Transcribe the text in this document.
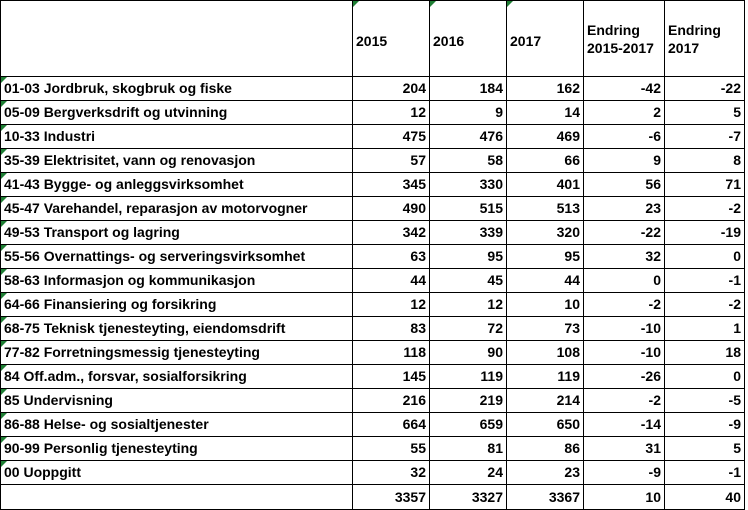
	2015	2016	2017	Endring 2015-2017	Endring 2017
01-03 Jordbruk, skogbruk og fiske	204	184	162	-42	-22
05-09 Bergverksdrift og utvinning	12	9	14	2	5
10-33 Industri	475	476	469	-6	-7
35-39 Elektrisitet, vann og renovasjon	57	58	66	9	8
41-43 Bygge- og anleggsvirksomhet	345	330	401	56	71
45-47 Varehandel, reparasjon av motorvogner	490	515	513	23	-2
49-53 Transport og lagring	342	339	320	-22	-19
55-56 Overnattings- og serveringsvirksomhet	63	95	95	32	0
58-63 Informasjon og kommunikasjon	44	45	44	0	-1
64-66 Finansiering og forsikring	12	12	10	-2	-2
68-75 Teknisk tjenesteyting, eiendomsdrift	83	72	73	-10	1
77-82 Forretningsmessig tjenesteyting	118	90	108	-10	18
84 Off.adm., forsvar, sosialforsikring	145	119	119	-26	0
85 Undervisning	216	219	214	-2	-5
86-88 Helse- og sosialtjenester	664	659	650	-14	-9
90-99 Personlig tjenesteyting	55	81	86	31	5
00 Uoppgitt	32	24	23	-9	-1
	3357	3327	3367	10	40
